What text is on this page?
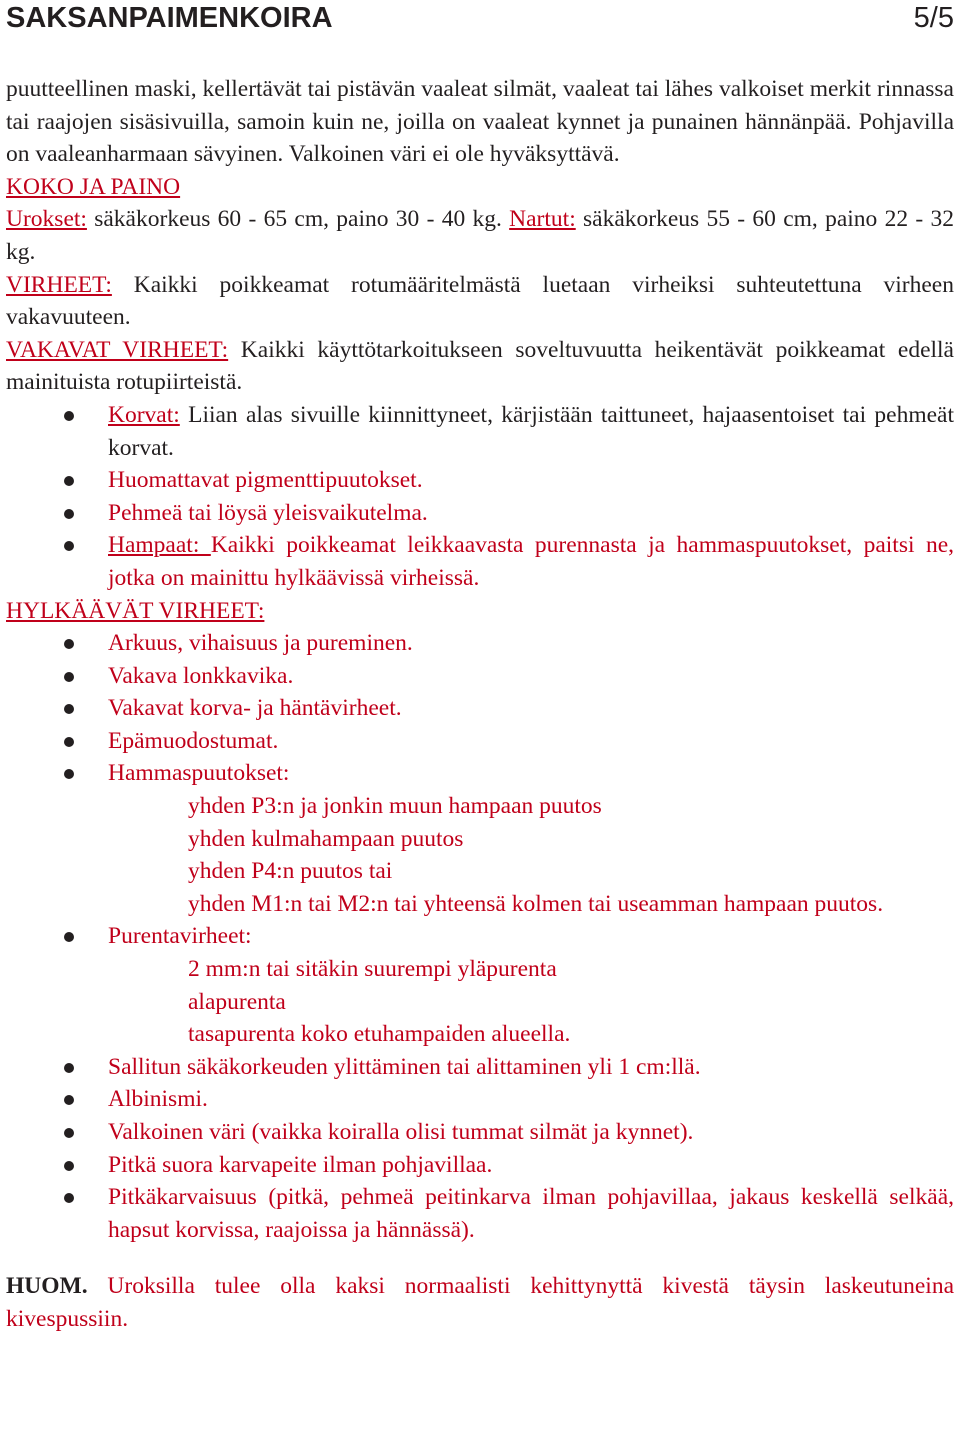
SAKSANPAIMENKOIRA	5/5

puutteellinen maski, kellertävät tai pistävän vaaleat silmät, vaaleat tai lähes valkoiset merkit rinnassa tai raajojen sisäsivuilla, samoin kuin ne, joilla on vaaleat kynnet ja punainen hännänpää. Pohjavilla on vaaleanharmaan sävyinen. Valkoinen väri ei ole hyväksyttävä.

KOKO JA PAINO

Urokset: säkäkorkeus 60 - 65 cm, paino 30 - 40 kg. Nartut: säkäkorkeus 55 - 60 cm, paino 22 - 32 kg.

VIRHEET: Kaikki poikkeamat rotumääritelmästä luetaan virheiksi suhteutettuna virheen vakavuuteen.

VAKAVAT VIRHEET: Kaikki käyttötarkoitukseen soveltuvuutta heikentävät poikkeamat edellä mainituista rotupiirteistä.

Korvat: Liian alas sivuille kiinnittyneet, kärjistään taittuneet, hajaasentoiset tai pehmeät korvat.
Huomattavat pigmenttipuutokset.
Pehmeä tai löysä yleisvaikutelma.
Hampaat: Kaikki poikkeamat leikkaavasta purennasta ja hammaspuutokset, paitsi ne, jotka on mainittu hylkäävissä virheissä.

HYLKÄÄVÄT VIRHEET:

Arkuus, vihaisuus ja pureminen.
Vakava lonkkavika.
Vakavat korva- ja häntävirheet.
Epämuodostumat.
Hammaspuutokset:
yhden P3:n ja jonkin muun hampaan puutos
yhden kulmahampaan puutos
yhden P4:n puutos tai
yhden M1:n tai M2:n tai yhteensä kolmen tai useamman hampaan puutos.
Purentavirheet:
2 mm:n tai sitäkin suurempi yläpurenta
alapurenta
tasapurenta koko etuhampaiden alueella.
Sallitun säkäkorkeuden ylittäminen tai alittaminen yli 1 cm:llä.
Albinismi.
Valkoinen väri (vaikka koiralla olisi tummat silmät ja kynnet).
Pitkä suora karvapeite ilman pohjavillaa.
Pitkäkarvaisuus (pitkä, pehmeä peitinkarva ilman pohjavillaa, jakaus keskellä selkää, hapsut korvissa, raajoissa ja hännässä).

HUOM. Uroksilla tulee olla kaksi normaalisti kehittynyttä kivestä täysin laskeutuneina kivespussiin.
